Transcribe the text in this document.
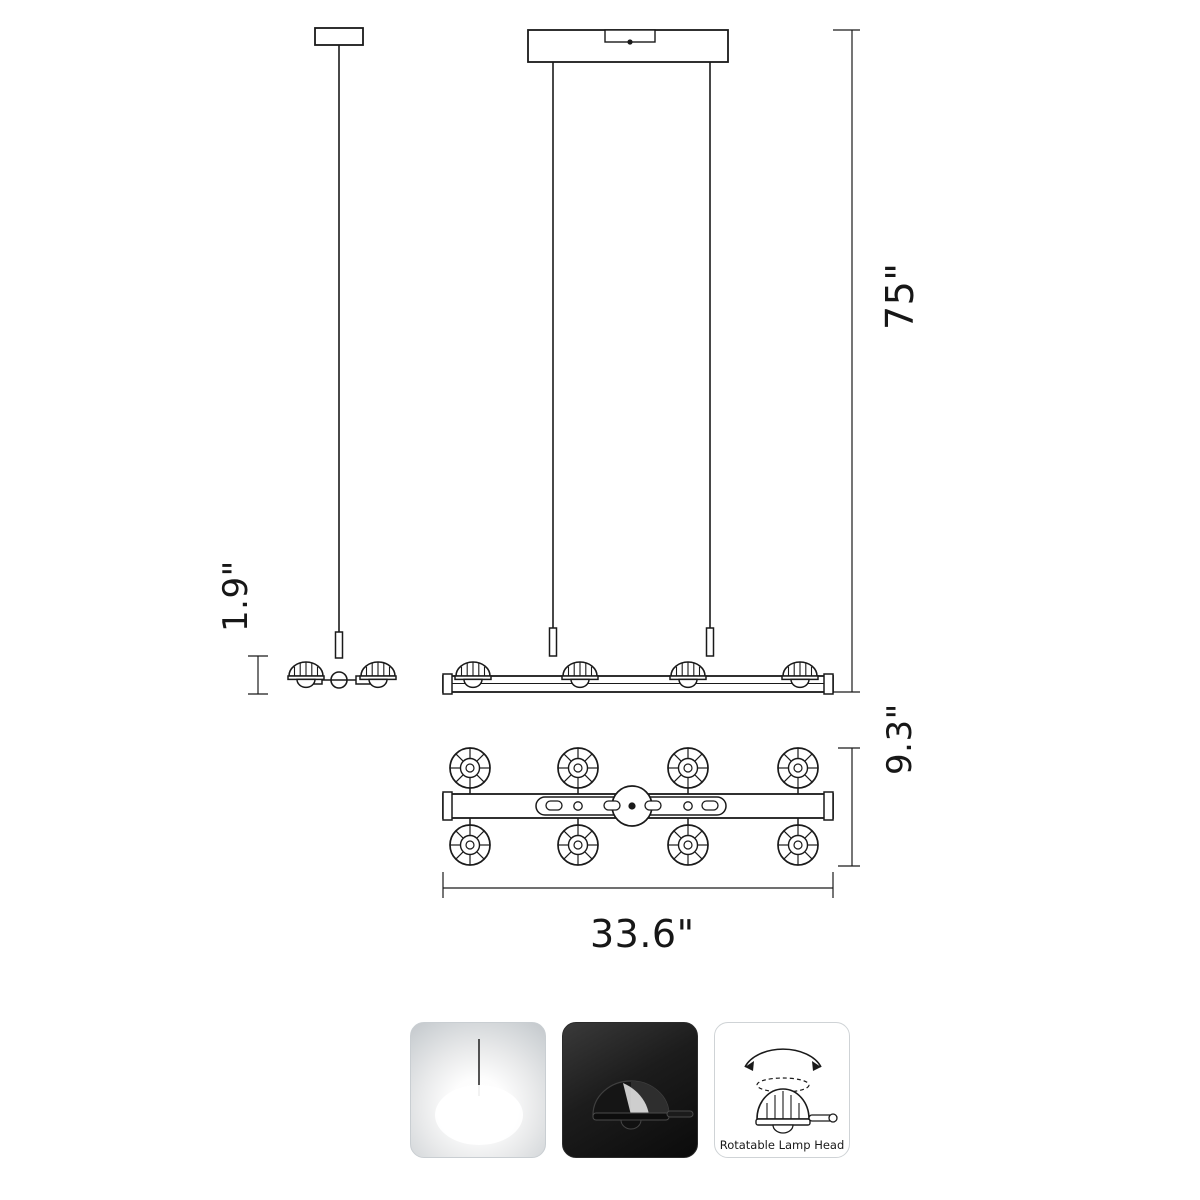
75"
9.3"
1.9"
33.6"
Rotatable Lamp Head
